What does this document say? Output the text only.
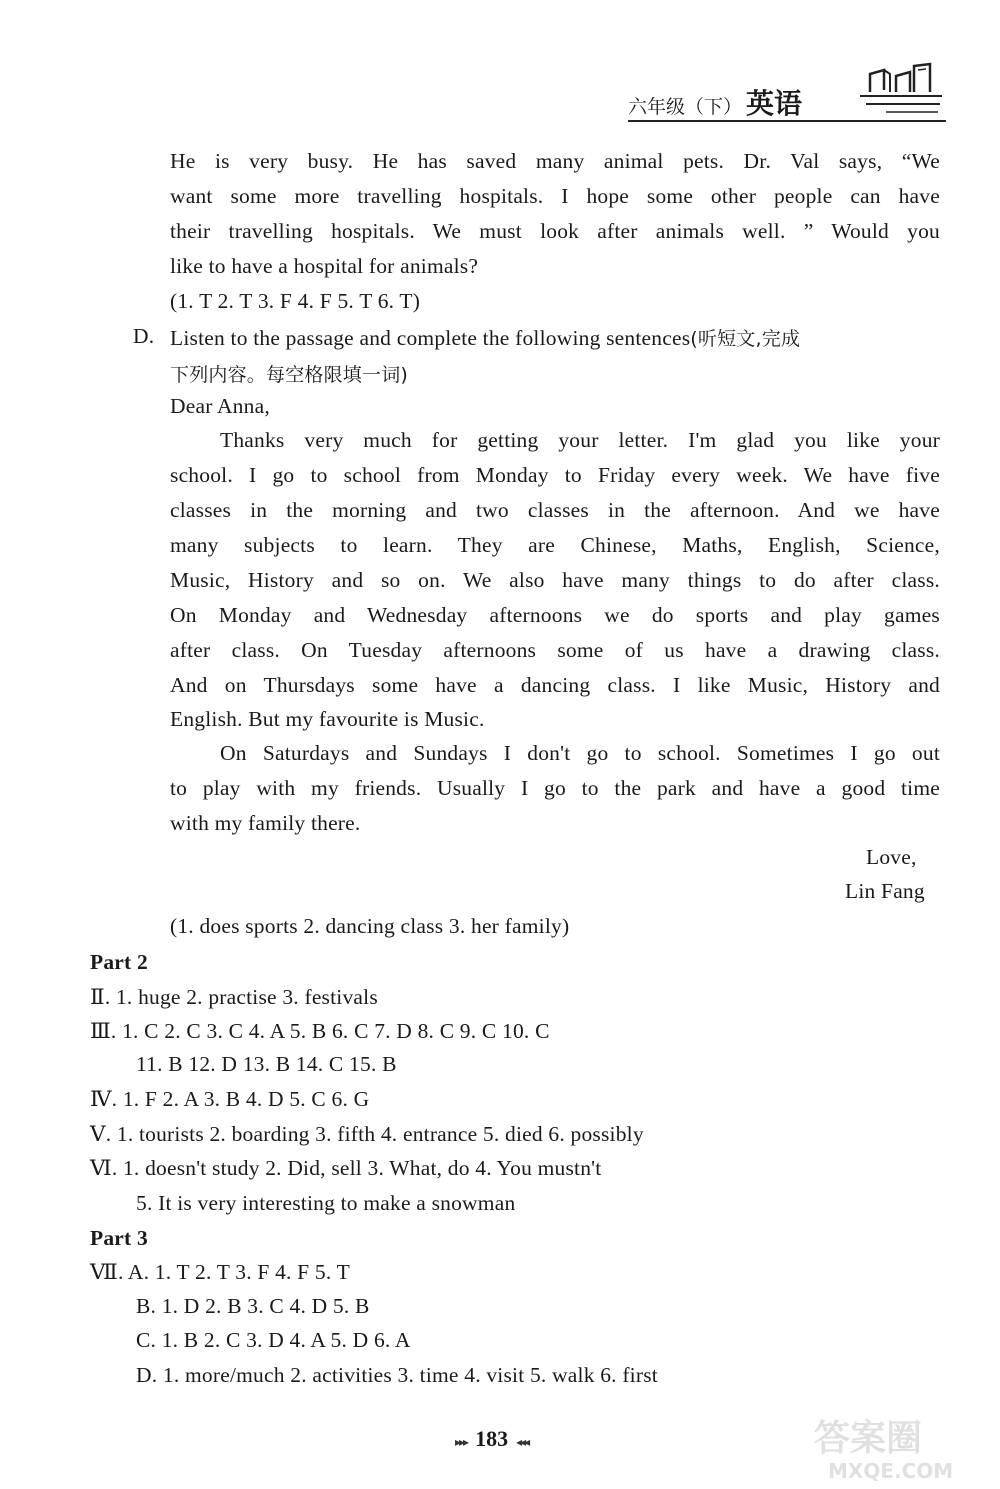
六年级（下） 英语
He is very busy. He has saved many animal pets. Dr. Val says, “We
want some more travelling hospitals. I hope some other people can have
their travelling hospitals. We must look after animals well. ” Would you
like to have a hospital for animals?
(1. T 2. T 3. F 4. F 5. T 6. T)
D. Listen to the passage and complete the following sentences(听短文,完成
下列内容。每空格限填一词)
Dear Anna,
Thanks very much for getting your letter. I'm glad you like your
school. I go to school from Monday to Friday every week. We have five
classes in the morning and two classes in the afternoon. And we have
many subjects to learn. They are Chinese, Maths, English, Science,
Music, History and so on. We also have many things to do after class.
On Monday and Wednesday afternoons we do sports and play games
after class. On Tuesday afternoons some of us have a drawing class.
And on Thursdays some have a dancing class. I like Music, History and
English. But my favourite is Music.
On Saturdays and Sundays I don't go to school. Sometimes I go out
to play with my friends. Usually I go to the park and have a good time
with my family there.
Love,
Lin Fang
(1. does sports 2. dancing class 3. her family)
Part 2
Ⅱ. 1. huge 2. practise 3. festivals
Ⅲ. 1. C 2. C 3. C 4. A 5. B 6. C 7. D 8. C 9. C 10. C
11. B 12. D 13. B 14. C 15. B
Ⅳ. 1. F 2. A 3. B 4. D 5. C 6. G
Ⅴ. 1. tourists 2. boarding 3. fifth 4. entrance 5. died 6. possibly
Ⅵ. 1. doesn't study 2. Did, sell 3. What, do 4. You mustn't
5. It is very interesting to make a snowman
Part 3
Ⅶ. A. 1. T 2. T 3. F 4. F 5. T
B. 1. D 2. B 3. C 4. D 5. B
C. 1. B 2. C 3. D 4. A 5. D 6. A
D. 1. more/much 2. activities 3. time 4. visit 5. walk 6. first
▸▸▸ 183 ◂◂◂	答案圈
MXQE.COM
